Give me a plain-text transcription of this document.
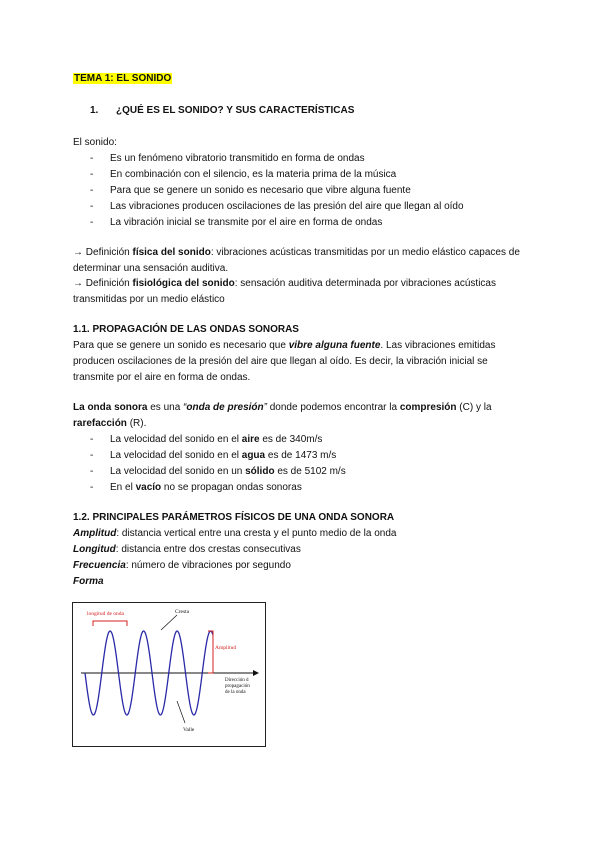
TEMA 1: EL SONIDO
1. ¿QUÉ ES EL SONIDO? Y SUS CARACTERÍSTICAS
El sonido:
- Es un fenómeno vibratorio transmitido en forma de ondas
- En combinación con el silencio, es la materia prima de la música
- Para que se genere un sonido es necesario que vibre alguna fuente
- Las vibraciones producen oscilaciones de las presión del aire que llegan al oído
- La vibración inicial se transmite por el aire en forma de ondas
→ Definición física del sonido: vibraciones acústicas transmitidas por un medio elástico capaces de
determinar una sensación auditiva.
→ Definición fisiológica del sonido: sensación auditiva determinada por vibraciones acústicas
transmitidas por un medio elástico
1.1. PROPAGACIÓN DE LAS ONDAS SONORAS
Para que se genere un sonido es necesario que vibre alguna fuente. Las vibraciones emitidas
producen oscilaciones de la presión del aire que llegan al oído. Es decir, la vibración inicial se
transmite por el aire en forma de ondas.
La onda sonora es una “onda de presión” donde podemos encontrar la compresión (C) y la
rarefacción (R).
- La velocidad del sonido en el aire es de 340m/s
- La velocidad del sonido en el agua es de 1473 m/s
- La velocidad del sonido en un sólido es de 5102 m/s
- En el vacío no se propagan ondas sonoras
1.2. PRINCIPALES PARÁMETROS FÍSICOS DE UNA ONDA SONORA
Amplitud: distancia vertical entre una cresta y el punto medio de la onda
Longitud: distancia entre dos crestas consecutivas
Frecuencia: número de vibraciones por segundo
Forma
longitud de onda	Cresta
Amplitud
Dirección d
propagación
de la onda
Valle
